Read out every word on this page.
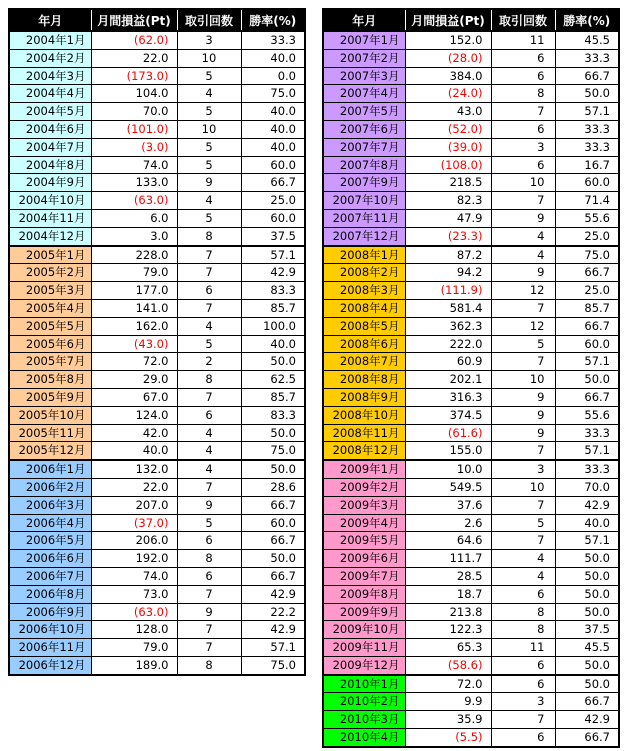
年月	月間損益(Pt)	取引回数	勝率(%)
2004年1月	(62.0)	3	33.3
2004年2月	22.0	10	40.0
2004年3月	(173.0)	5	0.0
2004年4月	104.0	4	75.0
2004年5月	70.0	5	40.0
2004年6月	(101.0)	10	40.0
2004年7月	(3.0)	5	40.0
2004年8月	74.0	5	60.0
2004年9月	133.0	9	66.7
2004年10月	(63.0)	4	25.0
2004年11月	6.0	5	60.0
2004年12月	3.0	8	37.5
2005年1月	228.0	7	57.1
2005年2月	79.0	7	42.9
2005年3月	177.0	6	83.3
2005年4月	141.0	7	85.7
2005年5月	162.0	4	100.0
2005年6月	(43.0)	5	40.0
2005年7月	72.0	2	50.0
2005年8月	29.0	8	62.5
2005年9月	67.0	7	85.7
2005年10月	124.0	6	83.3
2005年11月	42.0	4	50.0
2005年12月	40.0	4	75.0
2006年1月	132.0	4	50.0
2006年2月	22.0	7	28.6
2006年3月	207.0	9	66.7
2006年4月	(37.0)	5	60.0
2006年5月	206.0	6	66.7
2006年6月	192.0	8	50.0
2006年7月	74.0	6	66.7
2006年8月	73.0	7	42.9
2006年9月	(63.0)	9	22.2
2006年10月	128.0	7	42.9
2006年11月	79.0	7	57.1
2006年12月	189.0	8	75.0
年月	月間損益(Pt)	取引回数	勝率(%)
2007年1月	152.0	11	45.5
2007年2月	(28.0)	6	33.3
2007年3月	384.0	6	66.7
2007年4月	(24.0)	8	50.0
2007年5月	43.0	7	57.1
2007年6月	(52.0)	6	33.3
2007年7月	(39.0)	3	33.3
2007年8月	(108.0)	6	16.7
2007年9月	218.5	10	60.0
2007年10月	82.3	7	71.4
2007年11月	47.9	9	55.6
2007年12月	(23.3)	4	25.0
2008年1月	87.2	4	75.0
2008年2月	94.2	9	66.7
2008年3月	(111.9)	12	25.0
2008年4月	581.4	7	85.7
2008年5月	362.3	12	66.7
2008年6月	222.0	5	60.0
2008年7月	60.9	7	57.1
2008年8月	202.1	10	50.0
2008年9月	316.3	9	66.7
2008年10月	374.5	9	55.6
2008年11月	(61.6)	9	33.3
2008年12月	155.0	7	57.1
2009年1月	10.0	3	33.3
2009年2月	549.5	10	70.0
2009年3月	37.6	7	42.9
2009年4月	2.6	5	40.0
2009年5月	64.6	7	57.1
2009年6月	111.7	4	50.0
2009年7月	28.5	4	50.0
2009年8月	18.7	6	50.0
2009年9月	213.8	8	50.0
2009年10月	122.3	8	37.5
2009年11月	65.3	11	45.5
2009年12月	(58.6)	6	50.0
2010年1月	72.0	6	50.0
2010年2月	9.9	3	66.7
2010年3月	35.9	7	42.9
2010年4月	(5.5)	6	66.7
